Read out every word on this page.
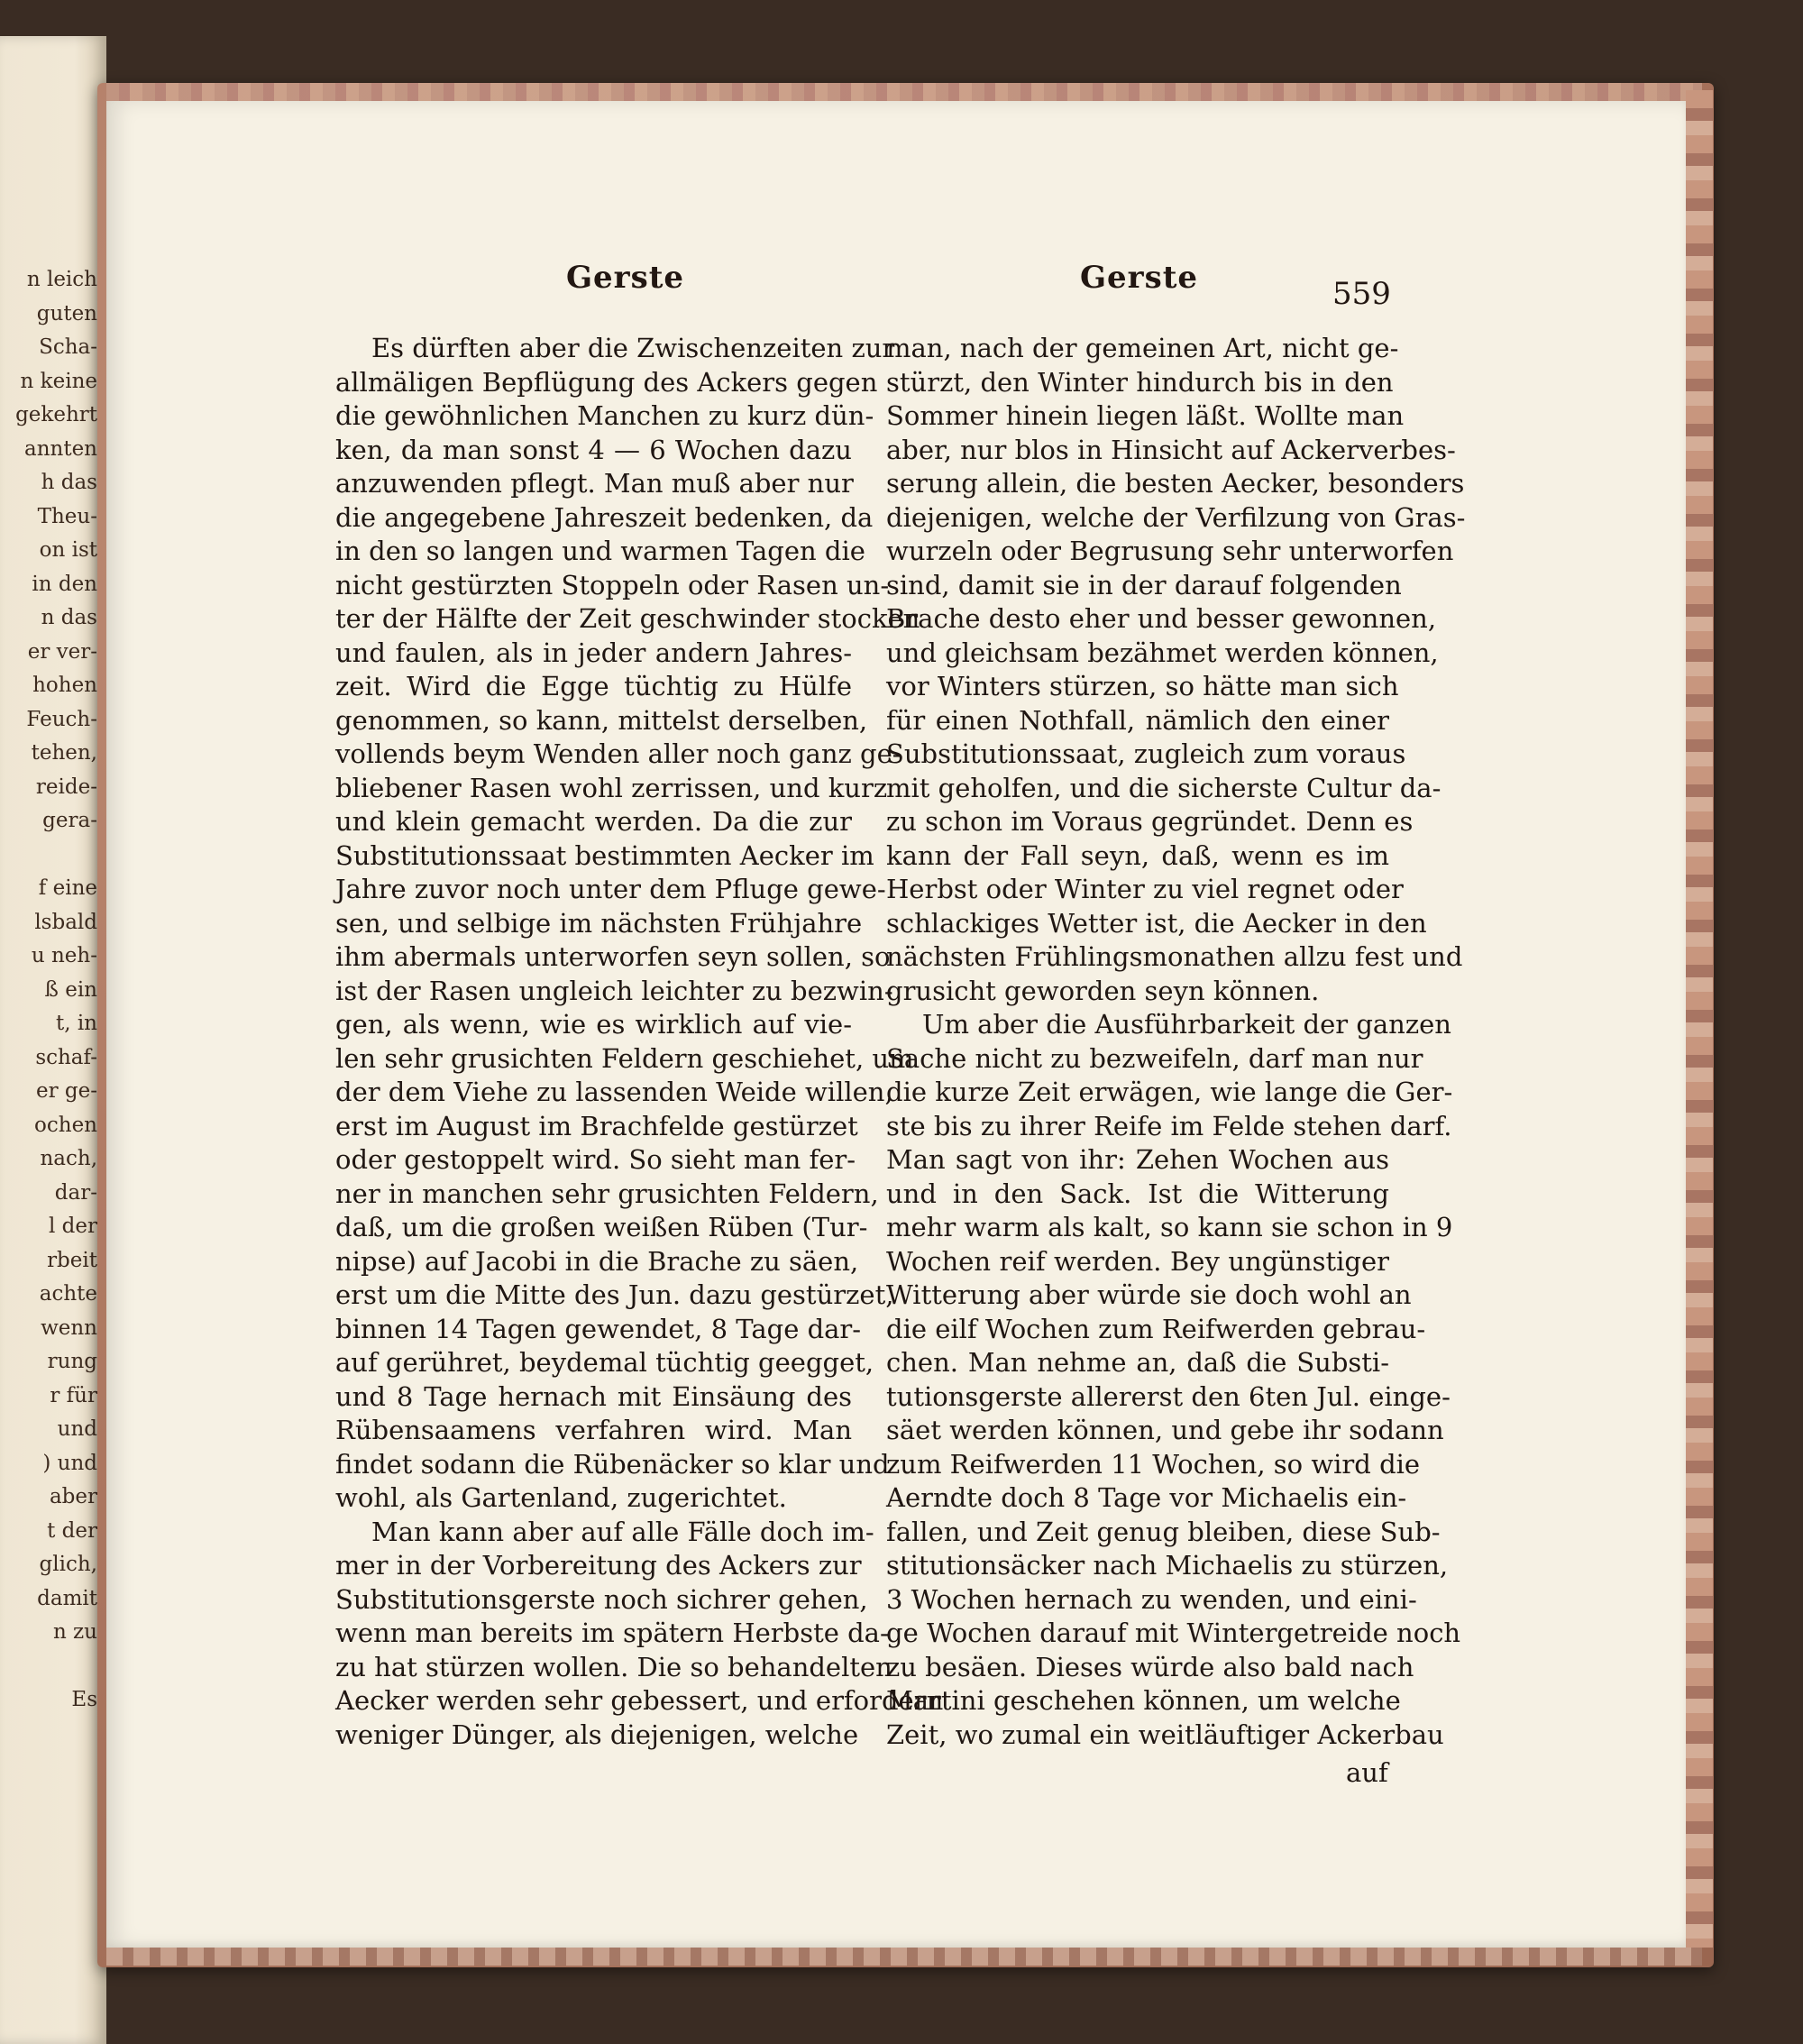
n leich
guten
Scha-
n keine
gekehrt
annten
h das
Theu-
on ist
in den
n das
er ver-
hohen
Feuch-
tehen,
reide-
gera-
f eine
lsbald
u neh-
ß ein
t, in
schaf-
er ge-
ochen
nach,
dar-
l der
rbeit
achte
wenn
rung
r für
und
) und
aber
t der
glich,
damit
n zu
Es
Gerste	Gerste	559
Es dürften aber die Zwischenzeiten zur
allmäligen Bepflügung des Ackers gegen
die gewöhnlichen Manchen zu kurz dün-
ken, da man sonst 4 — 6 Wochen dazu
anzuwenden pflegt. Man muß aber nur
die angegebene Jahreszeit bedenken, da
in den so langen und warmen Tagen die
nicht gestürzten Stoppeln oder Rasen un-
ter der Hälfte der Zeit geschwinder stocken
und faulen, als in jeder andern Jahres-
zeit. Wird die Egge tüchtig zu Hülfe
genommen, so kann, mittelst derselben,
vollends beym Wenden aller noch ganz ge-
bliebener Rasen wohl zerrissen, und kurz
und klein gemacht werden. Da die zur
Substitutionssaat bestimmten Aecker im
Jahre zuvor noch unter dem Pfluge gewe-
sen, und selbige im nächsten Frühjahre
ihm abermals unterworfen seyn sollen, so
ist der Rasen ungleich leichter zu bezwin-
gen, als wenn, wie es wirklich auf vie-
len sehr grusichten Feldern geschiehet, um
der dem Viehe zu lassenden Weide willen,
erst im August im Brachfelde gestürzet
oder gestoppelt wird. So sieht man fer-
ner in manchen sehr grusichten Feldern,
daß, um die großen weißen Rüben (Tur-
nipse) auf Jacobi in die Brache zu säen,
erst um die Mitte des Jun. dazu gestürzet,
binnen 14 Tagen gewendet, 8 Tage dar-
auf gerühret, beydemal tüchtig geegget,
und 8 Tage hernach mit Einsäung des
Rübensaamens verfahren wird. Man
findet sodann die Rübenäcker so klar und
wohl, als Gartenland, zugerichtet.
Man kann aber auf alle Fälle doch im-
mer in der Vorbereitung des Ackers zur
Substitutionsgerste noch sichrer gehen,
wenn man bereits im spätern Herbste da-
zu hat stürzen wollen. Die so behandelten
Aecker werden sehr gebessert, und erfordern
weniger Dünger, als diejenigen, welche
man, nach der gemeinen Art, nicht ge-
stürzt, den Winter hindurch bis in den
Sommer hinein liegen läßt. Wollte man
aber, nur blos in Hinsicht auf Ackerverbes-
serung allein, die besten Aecker, besonders
diejenigen, welche der Verfilzung von Gras-
wurzeln oder Begrusung sehr unterworfen
sind, damit sie in der darauf folgenden
Brache desto eher und besser gewonnen,
und gleichsam bezähmet werden können,
vor Winters stürzen, so hätte man sich
für einen Nothfall, nämlich den einer
Substitutionssaat, zugleich zum voraus
mit geholfen, und die sicherste Cultur da-
zu schon im Voraus gegründet. Denn es
kann der Fall seyn, daß, wenn es im
Herbst oder Winter zu viel regnet oder
schlackiges Wetter ist, die Aecker in den
nächsten Frühlingsmonathen allzu fest und
grusicht geworden seyn können.
Um aber die Ausführbarkeit der ganzen
Sache nicht zu bezweifeln, darf man nur
die kurze Zeit erwägen, wie lange die Ger-
ste bis zu ihrer Reife im Felde stehen darf.
Man sagt von ihr: Zehen Wochen aus
und in den Sack. Ist die Witterung
mehr warm als kalt, so kann sie schon in 9
Wochen reif werden. Bey ungünstiger
Witterung aber würde sie doch wohl an
die eilf Wochen zum Reifwerden gebrau-
chen. Man nehme an, daß die Substi-
tutionsgerste allererst den 6ten Jul. einge-
säet werden können, und gebe ihr sodann
zum Reifwerden 11 Wochen, so wird die
Aerndte doch 8 Tage vor Michaelis ein-
fallen, und Zeit genug bleiben, diese Sub-
stitutionsäcker nach Michaelis zu stürzen,
3 Wochen hernach zu wenden, und eini-
ge Wochen darauf mit Wintergetreide noch
zu besäen. Dieses würde also bald nach
Martini geschehen können, um welche
Zeit, wo zumal ein weitläuftiger Ackerbau
auf
